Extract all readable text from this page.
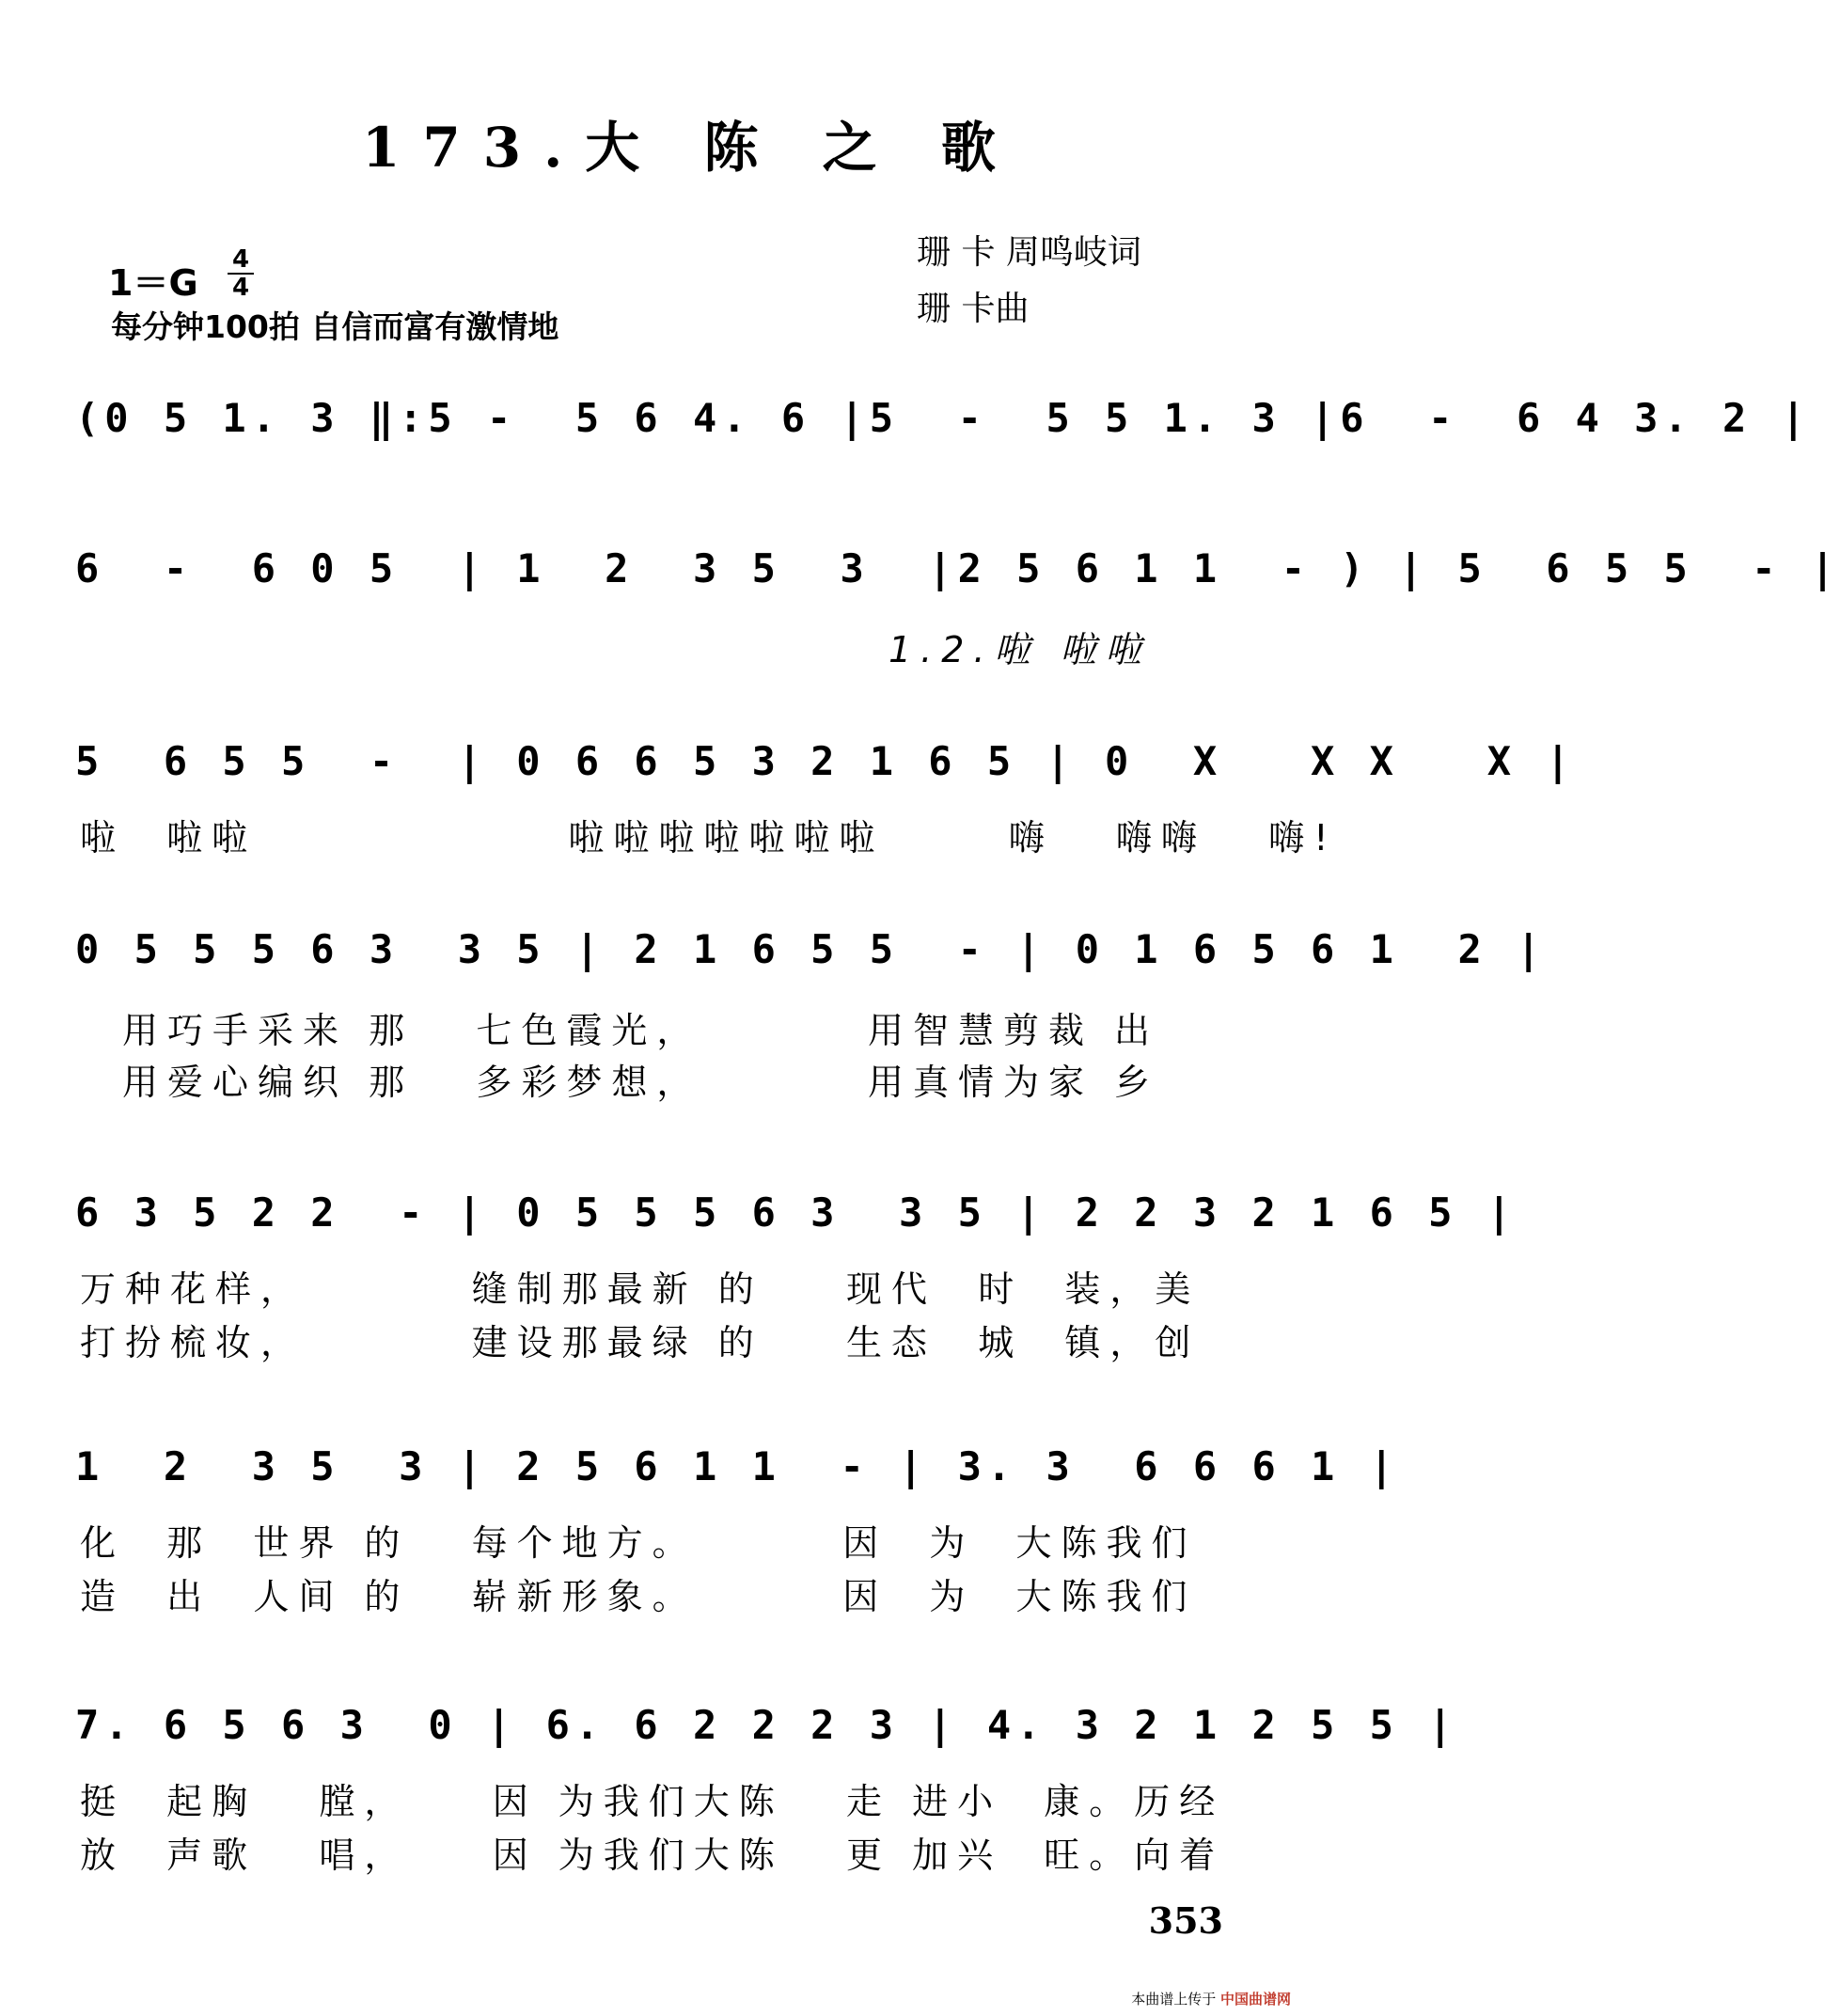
173.大 陈 之 歌
珊 卡 周鸣岐词
珊 卡曲
1＝G
4
4
每分钟100拍 自信而富有激情地
(0 5 1. 3 ‖:5 -  5 6 4. 6 |5  -  5 5 1. 3 |6  -  6 4 3. 2 |
6  -  6 0 5  | 1  2  3 5  3  |2 5 6 1 1  - ) | 5  6 5 5  - |
1.2.啦 啦啦
5  6 5 5  -  | 0 6 6 5 3 2 1 6 5 | 0  X   X X   X |
啦  啦啦               啦啦啦啦啦啦啦      嗨   嗨嗨   嗨!
0 5 5 5 6 3  3 5 | 2 1 6 5 5  - | 0 1 6 5 6 1  2 |
用巧手采来 那   七色霞光，        用智慧剪裁 出
用爱心编织 那   多彩梦想，        用真情为家 乡
6 3 5 2 2  - | 0 5 5 5 6 3  3 5 | 2 2 3 2 1 6 5 |
万种花样，        缝制那最新 的    现代  时  装，美
打扮梳妆，        建设那最绿 的    生态  城  镇，创
1  2  3 5  3 | 2 5 6 1 1  - | 3. 3  6 6 6 1 |
化  那  世界 的   每个地方。       因  为  大陈我们
造  出  人间 的   崭新形象。       因  为  大陈我们
7. 6 5 6 3  0 | 6. 6 2 2 2 3 | 4. 3 2 1 2 5 5 |
挺  起胸   膛，    因 为我们大陈   走 进小  康。历经
放  声歌   唱，    因 为我们大陈   更 加兴  旺。向着
353
本曲谱上传于 中国曲谱网
